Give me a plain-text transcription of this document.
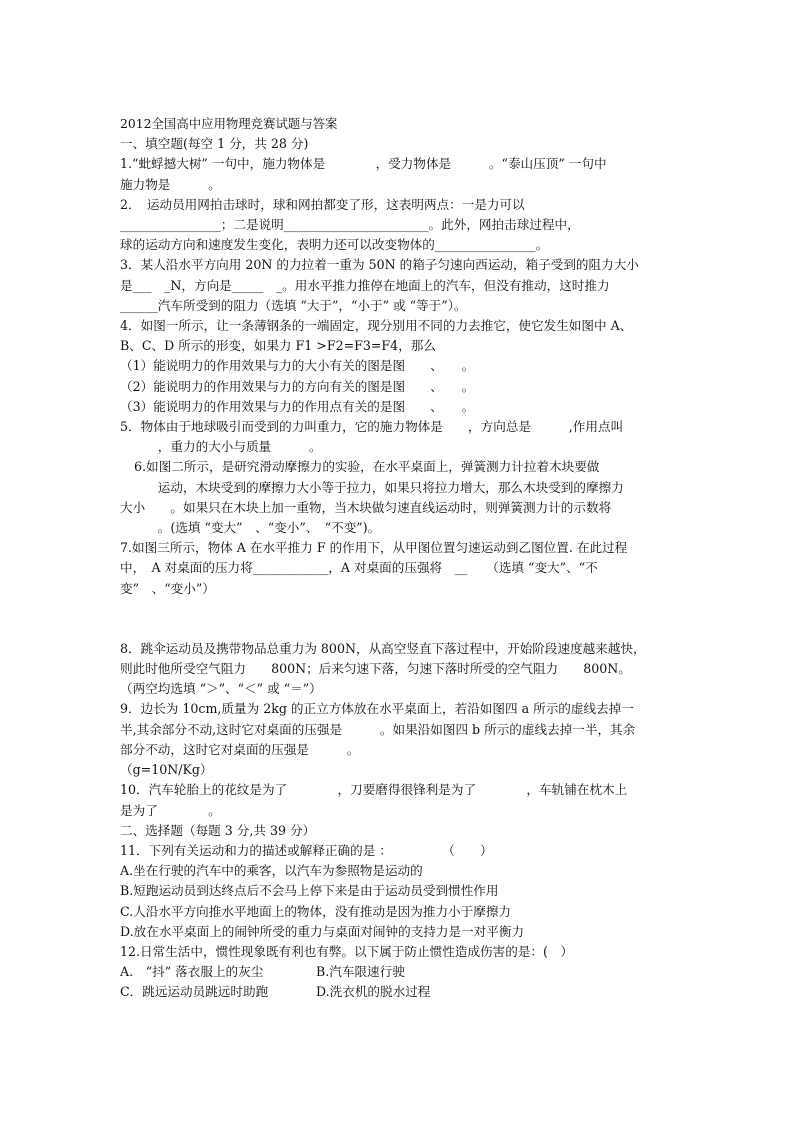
2012全国高中应用物理竞赛试题与答案
一、填空题(每空 1 分，共 28 分)
1.“蚍蜉撼大树” 一句中，施力物体是　　　　，受力物体是　　　。“泰山压顶” 一句中
施力物是　　　。
2．　运动员用网拍击球时，球和网拍都变了形，这表明两点：一是力可以
________________；二是说明_______________________。此外，网拍击球过程中，
球的运动方向和速度发生变化，表明力还可以改变物体的________________。
3．某人沿水平方向用 20N 的力拉着一重为 50N 的箱子匀速向西运动，箱子受到的阻力大小
是___　_N，方向是_____　_。用水平推力推停在地面上的汽车，但没有推动，这时推力
______汽车所受到的阻力（选填 “大于”，“小于” 或 “等于”）。
4．如图一所示，让一条薄钢条的一端固定，现分别用不同的力去推它，使它发生如图中 A、
B、C、D 所示的形变，如果力 F1 >F2=F3=F4，那么
（1）能说明力的作用效果与力的大小有关的图是图　　、　　。
（2）能说明力的作用效果与力的方向有关的图是图　　、　　。
（3）能说明力的作用效果与力的作用点有关的是图　　、　　。
5．物体由于地球吸引而受到的力叫重力，它的施力物体是　　，方向总是　　　,作用点叫
　　　，重力的大小与质量　　　。
6.如图二所示，是研究滑动摩擦力的实验，在水平桌面上，弹簧测力计拉着木块要做
　　　运动，木块受到的摩擦力大小等于拉力，如果只将拉力增大，那么木块受到的摩擦力
大小　　。如果只在木块上加一重物，当木块做匀速直线运动时，则弹簧测力计的示数将
　　　。(选填 “变大”　、“变小”、　“不变”)。
7.如图三所示，物体 A 在水平推力 F 的作用下，从甲图位置匀速运动到乙图位置. 在此过程
中，　A 对桌面的压力将____________，A 对桌面的压强将　__　　（选填 “变大”、“不
变”　、“变小”）
8．跳伞运动员及携带物品总重力为 800N，从高空竖直下落过程中，开始阶段速度越来越快，
则此时他所受空气阻力　　800N；后来匀速下落，匀速下落时所受的空气阻力　　800N。
（两空均选填 “＞”、“＜” 或 “＝”）
9．边长为 10cm,质量为 2kg 的正立方体放在水平桌面上，若沿如图四 a 所示的虚线去掉一
半,其余部分不动,这时它对桌面的压强是　　　。如果沿如图四 b 所示的虚线去掉一半，其余
部分不动，这时它对桌面的压强是　　　。
（g=10N/Kg）
10．汽车轮胎上的花纹是为了　　　　，刀要磨得很锋利是为了　　　　，车轨铺在枕木上
是为了　　　　。
二、选择题（每题 3 分,共 39 分）
11．下列有关运动和力的描述或解释正确的是 ：　　　　　（　　）
A.坐在行驶的汽车中的乘客，以汽车为参照物是运动的
B.短跑运动员到达终点后不会马上停下来是由于运动员受到惯性作用
C.人沿水平方向推水平地面上的物体，没有推动是因为推力小于摩擦力
D.放在水平桌面上的闹钟所受的重力与桌面对闹钟的支持力是一对平衡力
12.日常生活中，惯性现象既有利也有弊。以下属于防止惯性造成伤害的是：(　）
A.　“抖” 落衣服上的灰尘	B.汽车限速行驶
C．跳远运动员跳远时助跑	D.洗衣机的脱水过程
